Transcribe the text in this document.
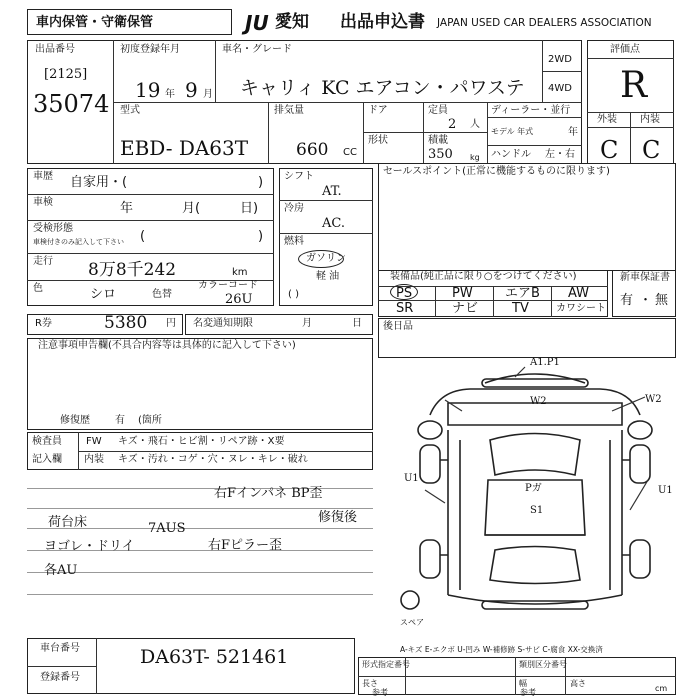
車内保管・守衛保管	JU 愛知 出品申込書 JAPAN USED CAR DEALERS ASSOCIATION
出品番号
[2125]
35074
初度登録年月
19 年 9 月
車名・グレード
キャリィ KC エアコン・パワステ
2WD
4WD
型式
EBD- DA63T
排気量
660 CC
ドア	定員
2 人
形状	積載
350 kg
ディーラー・並行
モデル 年式	年
ハンドル 左・右
評価点
R
外装 内装
C C
車歴 自家用・(	)
車検	年	月(	日)
受検形態
車検付きのみ記入して下さい (	)
走行 8万8千242	km
色	シロ	色替
カラーコード
26U
シフト
AT.
冷房
AC.
燃料
ガソリン
軽 油
( )
セールスポイント(正常に機能するものに限ります)
装備品(純正品に限り○をつけてください)
PS	PW エアB AW
SR	ナビ	TV	カワシート
新車保証書
有 ・ 無
R券	5380 円 名変通知期限	月	日 後日品
注意事項申告欄(不具合内容等は具体的に記入して下さい)
修復歴	有 (箇所
検査員
記入欄
FW キズ・飛石・ヒビ割・リペア跡・X要
内装 キズ・汚れ・コゲ・穴・ヌレ・キレ・破れ
右Fインパネ BP歪
修復後
荷台床	7AUS
右Fピラー歪
ヨゴレ・ドリイ
各AU
A1.P1
W2	W2
U1
U1
Pガ
S1
スペア
車台番号
登録番号
DA63T- 521461	A-キズ E-エクボ U-凹み W-補修跡 S-サビ C-腐食 XX-交換済
形式指定番号	類別区分番号
長さ
参考
幅
参考
高さ
cm
